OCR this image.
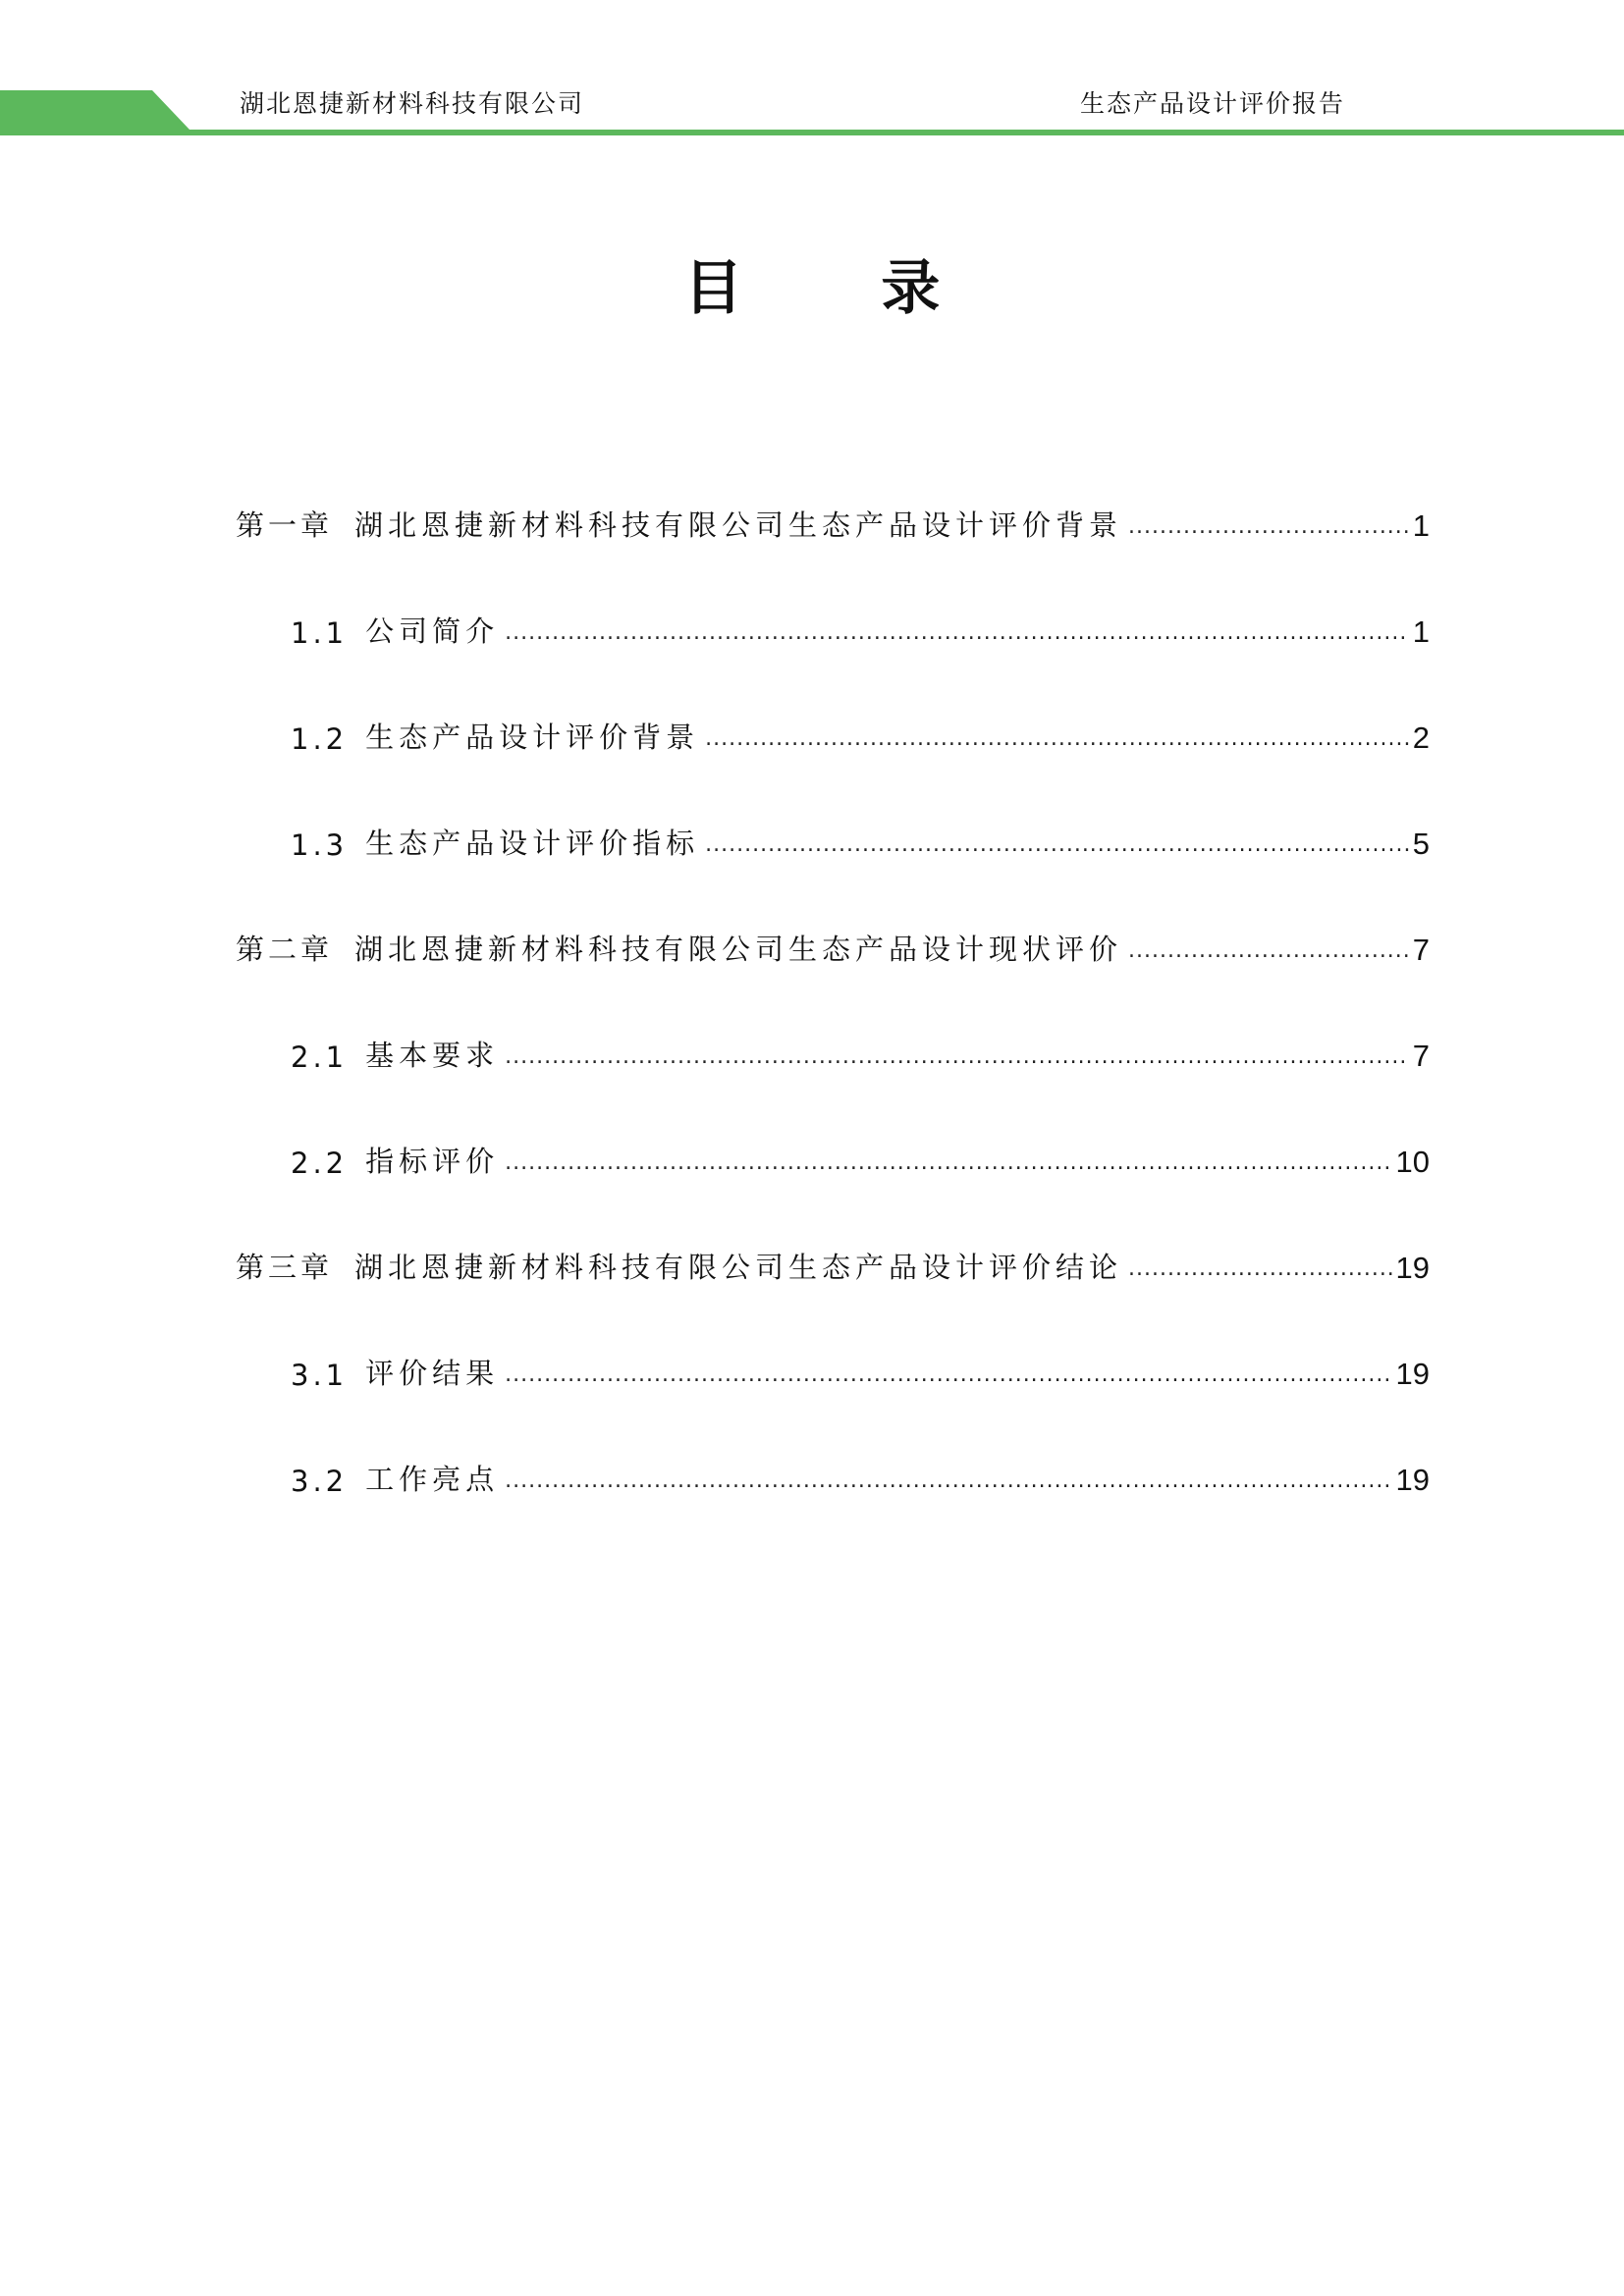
湖北恩捷新材料科技有限公司	生态产品设计评价报告
目 录
第一章 湖北恩捷新材料科技有限公司生态产品设计评价背景 .....	1
1.1 公司简介 .....	1
1.2 生态产品设计评价背景 .....	2
1.3 生态产品设计评价指标 .....	5
第二章 湖北恩捷新材料科技有限公司生态产品设计现状评价 .....	7
2.1 基本要求 .....	7
2.2 指标评价 .....	10
第三章 湖北恩捷新材料科技有限公司生态产品设计评价结论 .....	19
3.1 评价结果 .....	19
3.2 工作亮点 .....	19
